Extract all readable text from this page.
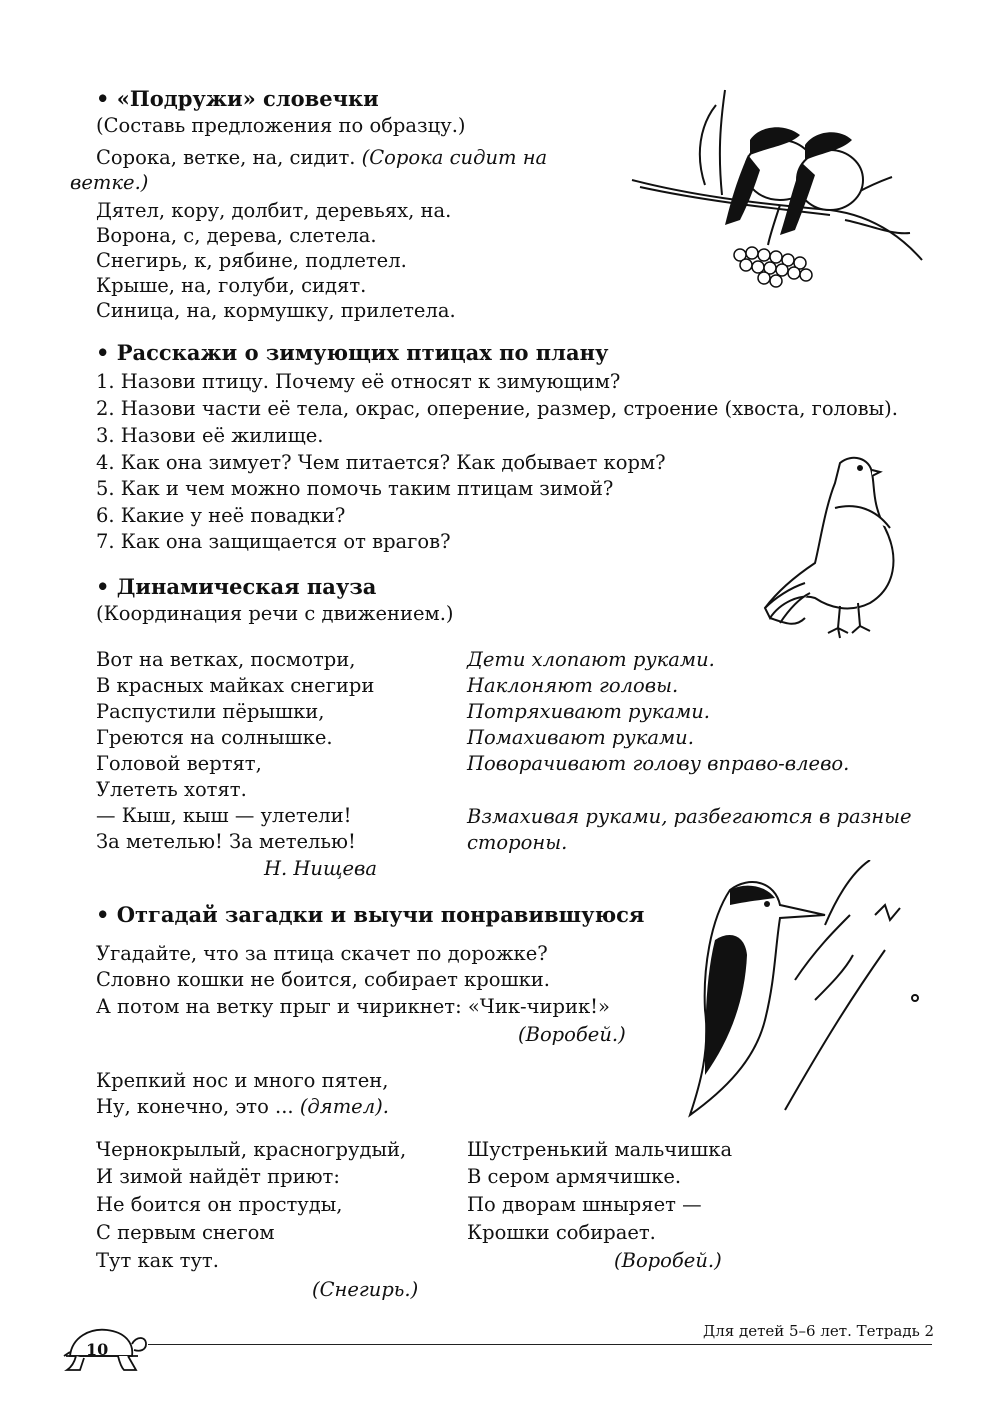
• «Подружи» словечки
(Составь предложения по образцу.)
Сорока, ветке, на, сидит. (Сорока сидит на
ветке.)
Дятел, кору, долбит, деревьях, на.
Ворона, с, дерева, слетела.
Снегирь, к, рябине, подлетел.
Крыше, на, голуби, сидят.
Синица, на, кормушку, прилетела.
• Расскажи о зимующих птицах по плану
1. Назови птицу. Почему её относят к зимующим?
2. Назови части её тела, окрас, оперение, размер, строение (хвоста, головы).
3. Назови её жилище.
4. Как она зимует? Чем питается? Как добывает корм?
5. Как и чем можно помочь таким птицам зимой?
6. Какие у неё повадки?
7. Как она защищается от врагов?
• Динамическая пауза
(Координация речи с движением.)
Вот на ветках, посмотри,
В красных майках снегири
Распустили пёрышки,
Греются на солнышке.
Головой вертят,
Улететь хотят.
— Кыш, кыш — улетели!
За метелью! За метелью!
Н. Нищева
Дети хлопают руками.
Наклоняют головы.
Потряхивают руками.
Помахивают руками.
Поворачивают голову вправо-влево.
Взмахивая руками, разбегаются в разные
стороны.
• Отгадай загадки и выучи понравившуюся
Угадайте, что за птица скачет по дорожке?
Словно кошки не боится, собирает крошки.
А потом на ветку прыг и чирикнет: «Чик-чирик!»
(Воробей.)
Крепкий нос и много пятен,
Ну, конечно, это ... (дятел).
Чернокрылый, красногрудый,
И зимой найдёт приют:
Не боится он простуды,
С первым снегом
Тут как тут.
(Снегирь.)
Шустренький мальчишка
В сером армячишке.
По дворам шныряет —
Крошки собирает.
(Воробей.)
10
Для детей 5–6 лет. Тетрадь 2
